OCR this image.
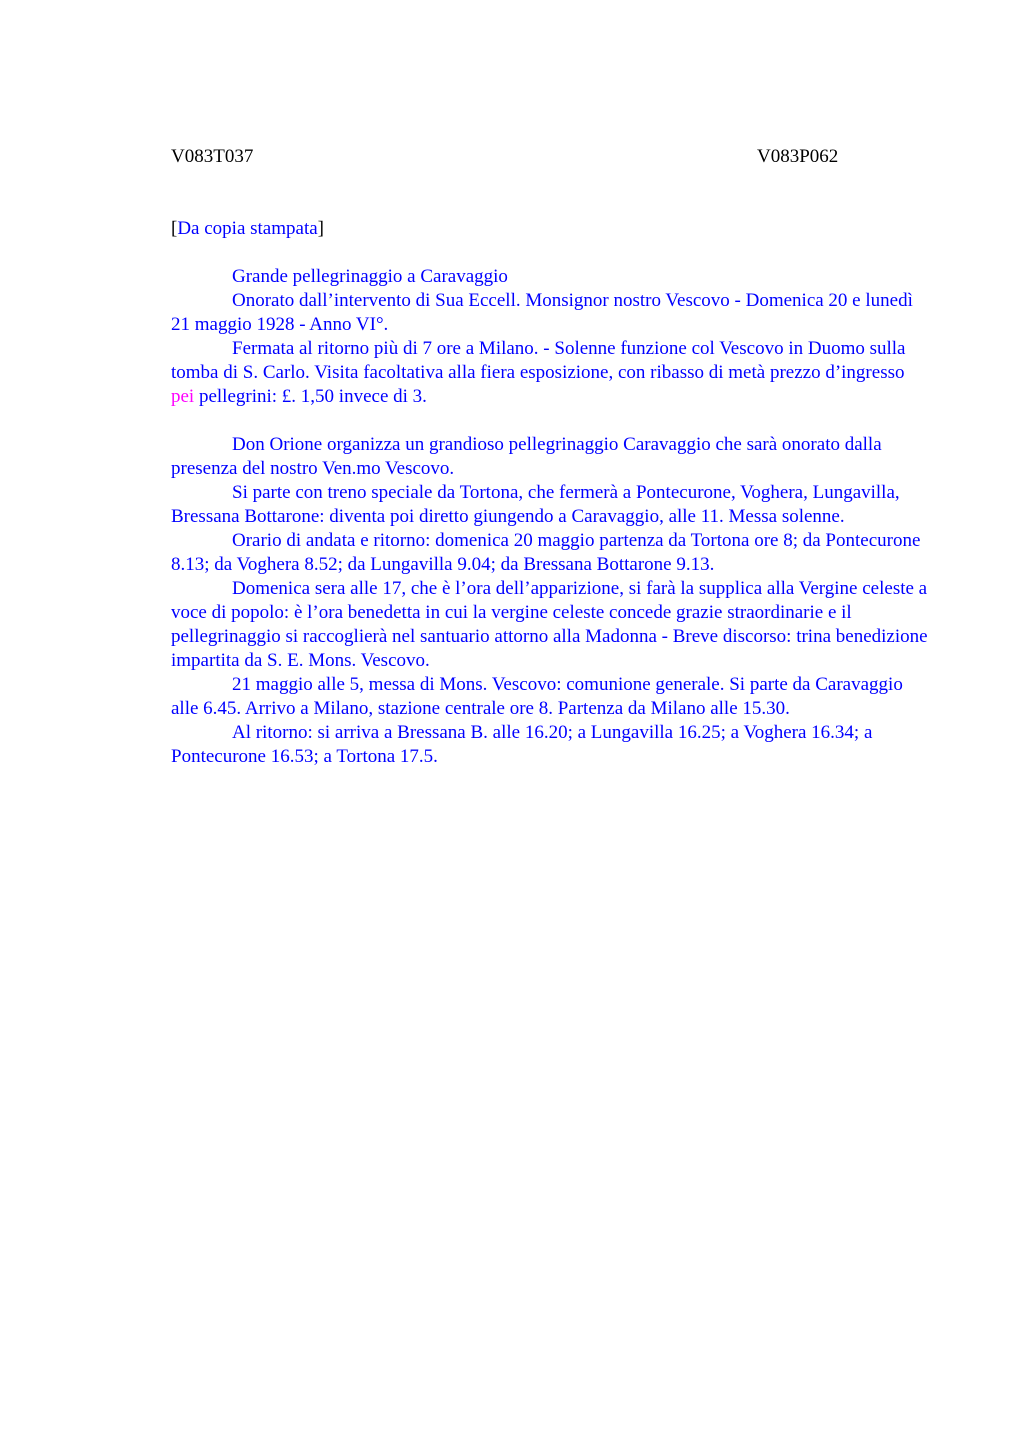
V083T037	V083P062
[Da copia stampata]

Grande pellegrinaggio a Caravaggio

Onorato dall’intervento di Sua Eccell. Monsignor nostro Vescovo - Domenica 20 e lunedì 21 maggio 1928 - Anno VI°.

Fermata al ritorno più di 7 ore a Milano. - Solenne funzione col Vescovo in Duomo sulla tomba di S. Carlo. Visita facoltativa alla fiera esposizione, con ribasso di metà prezzo d’ingresso pei pellegrini: £. 1,50 invece di 3.

Don Orione organizza un grandioso pellegrinaggio Caravaggio che sarà onorato dalla presenza del nostro Ven.mo Vescovo.

Si parte con treno speciale da Tortona, che fermerà a Pontecurone, Voghera, Lungavilla, Bressana Bottarone: diventa poi diretto giungendo a Caravaggio, alle 11. Messa solenne.

Orario di andata e ritorno: domenica 20 maggio partenza da Tortona ore 8; da Pontecurone 8.13; da Voghera 8.52; da Lungavilla 9.04; da Bressana Bottarone 9.13.

Domenica sera alle 17, che è l’ora dell’apparizione, si farà la supplica alla Vergine celeste a voce di popolo: è l’ora benedetta in cui la vergine celeste concede grazie straordinarie e il pellegrinaggio si raccoglierà nel santuario attorno alla Madonna - Breve discorso: trina benedizione impartita da S. E. Mons. Vescovo.

21 maggio alle 5, messa di Mons. Vescovo: comunione generale. Si parte da Caravaggio alle 6.45. Arrivo a Milano, stazione centrale ore 8. Partenza da Milano alle 15.30.

Al ritorno: si arriva a Bressana B. alle 16.20; a Lungavilla 16.25; a Voghera 16.34; a Pontecurone 16.53; a Tortona 17.5.
